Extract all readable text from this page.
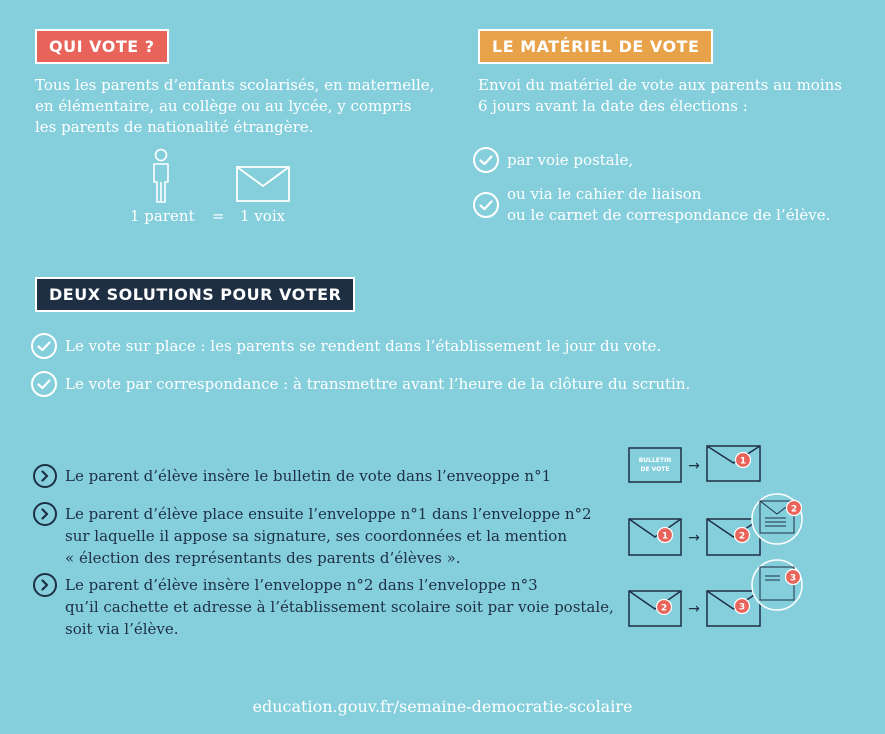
QUI VOTE ?
Tous les parents d’enfants scolarisés, en maternelle,
en élémentaire, au collège ou au lycée, y compris
les parents de nationalité étrangère.
1 parent = 1 voix
LE MATÉRIEL DE VOTE
Envoi du matériel de vote aux parents au moins
6 jours avant la date des élections :
par voie postale,
ou via le cahier de liaison
ou le carnet de correspondance de l’élève.
DEUX SOLUTIONS POUR VOTER
Le vote sur place : les parents se rendent dans l’établissement le jour du vote.
Le vote par correspondance : à transmettre avant l’heure de la clôture du scrutin.
Le parent d’élève insère le bulletin de vote dans l’enveoppe n°1
Le parent d’élève place ensuite l’enveloppe n°1 dans l’enveloppe n°2
sur laquelle il appose sa signature, ses coordonnées et la mention
« élection des représentants des parents d’élèves ».
Le parent d’élève insère l’enveloppe n°2 dans l’enveloppe n°3
qu’il cachette et adresse à l’établissement scolaire soit par voie postale,
soit via l’élève.
BULLETIN
DE VOTE →
→
→
1
1	2
2
2	3
3
education.gouv.fr/semaine-democratie-scolaire
